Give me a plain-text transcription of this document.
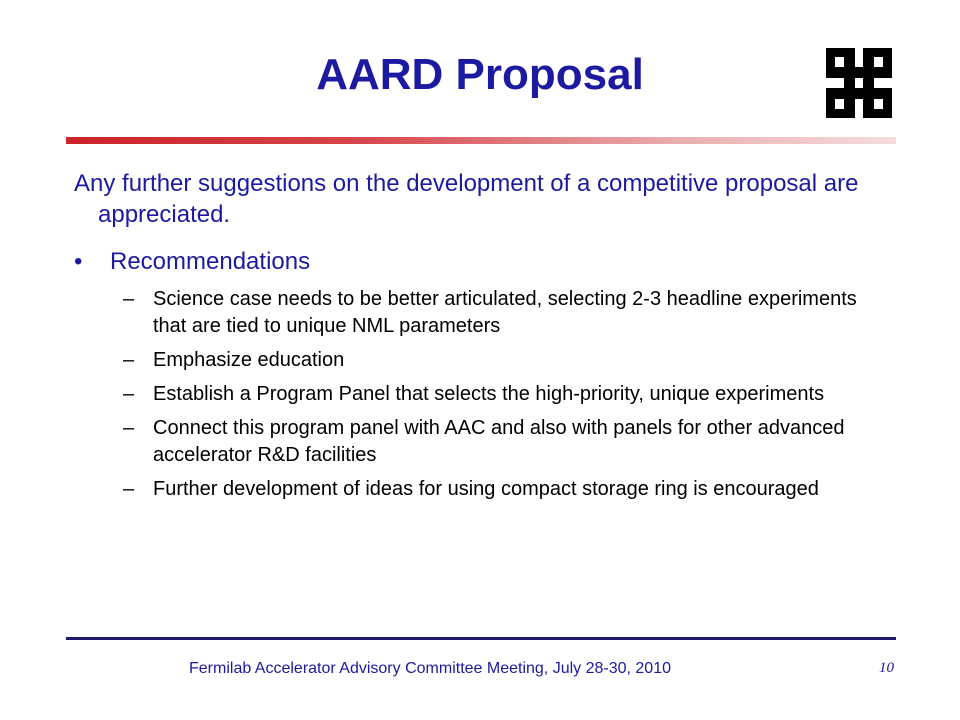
AARD Proposal
Any further suggestions on the development of a competitive proposal are appreciated.
•	Recommendations
– Science case needs to be better articulated, selecting 2-3 headline experiments that are tied to unique NML parameters
– Emphasize education
– Establish a Program Panel that selects the high-priority, unique experiments
– Connect this program panel with AAC and also with panels for other advanced accelerator R&D facilities
– Further development of ideas for using compact storage ring is encouraged
Fermilab Accelerator Advisory Committee Meeting, July 28-30, 2010	10
